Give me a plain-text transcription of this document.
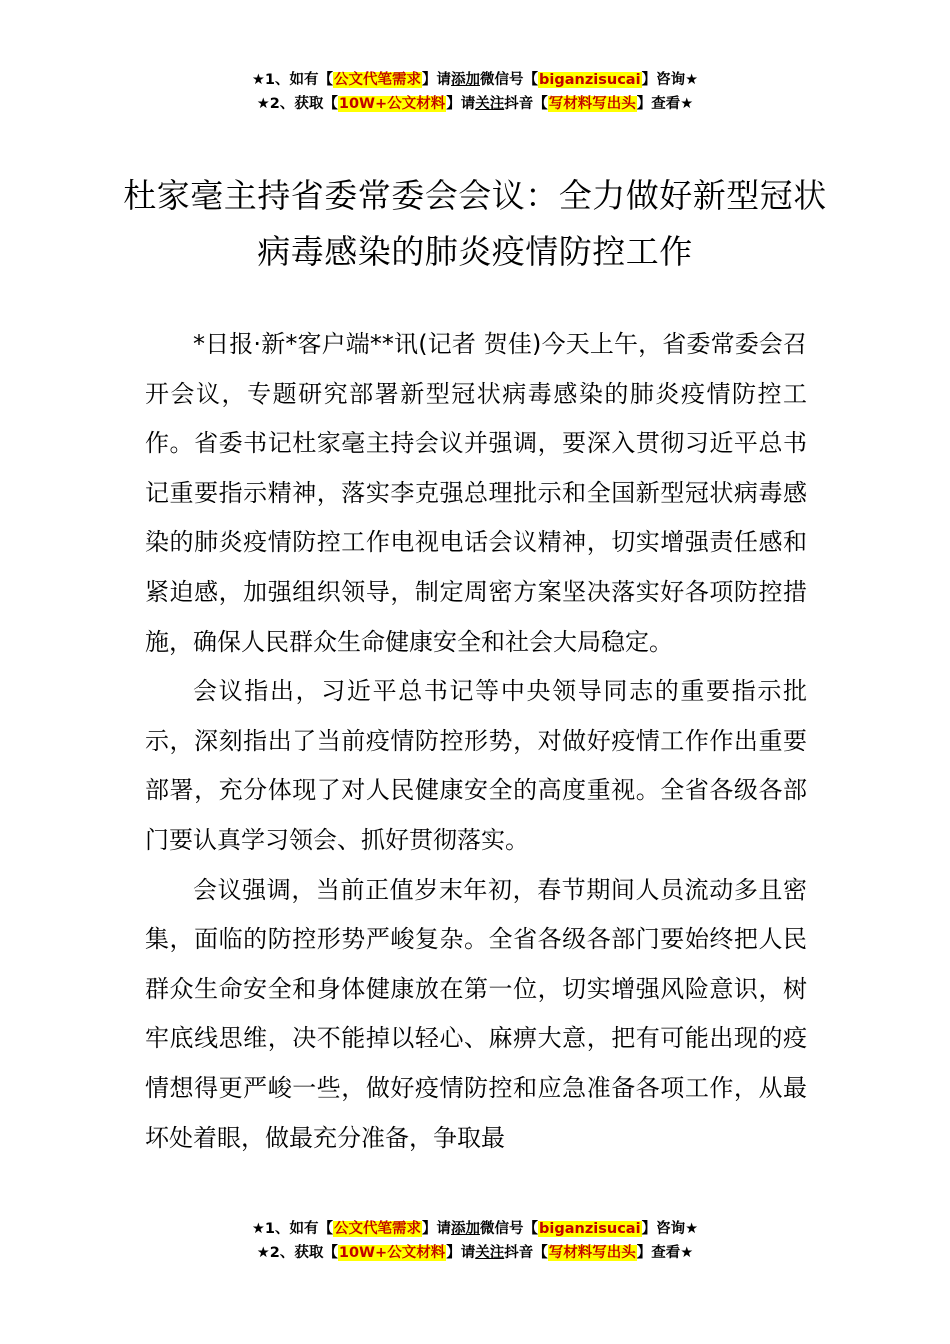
★1、如有【公文代笔需求】请添加微信号【biganzisucai】咨询★
★2、获取【10W+公文材料】请关注抖音【写材料写出头】查看★
杜家毫主持省委常委会会议：全力做好新型冠状病毒感染的肺炎疫情防控工作

*日报·新*客户端**讯(记者 贺佳)今天上午，省委常委会召开会议，专题研究部署新型冠状病毒感染的肺炎疫情防控工作。省委书记杜家毫主持会议并强调，要深入贯彻习近平总书记重要指示精神，落实李克强总理批示和全国新型冠状病毒感染的肺炎疫情防控工作电视电话会议精神，切实增强责任感和紧迫感，加强组织领导，制定周密方案坚决落实好各项防控措施，确保人民群众生命健康安全和社会大局稳定。

会议指出，习近平总书记等中央领导同志的重要指示批示，深刻指出了当前疫情防控形势，对做好疫情工作作出重要部署，充分体现了对人民健康安全的高度重视。全省各级各部门要认真学习领会、抓好贯彻落实。

会议强调，当前正值岁末年初，春节期间人员流动多且密集，面临的防控形势严峻复杂。全省各级各部门要始终把人民群众生命安全和身体健康放在第一位，切实增强风险意识，树牢底线思维，决不能掉以轻心、麻痹大意，把有可能出现的疫情想得更严峻一些，做好疫情防控和应急准备各项工作，从最坏处着眼，做最充分准备，争取最

★1、如有【公文代笔需求】请添加微信号【biganzisucai】咨询★
★2、获取【10W+公文材料】请关注抖音【写材料写出头】查看★
